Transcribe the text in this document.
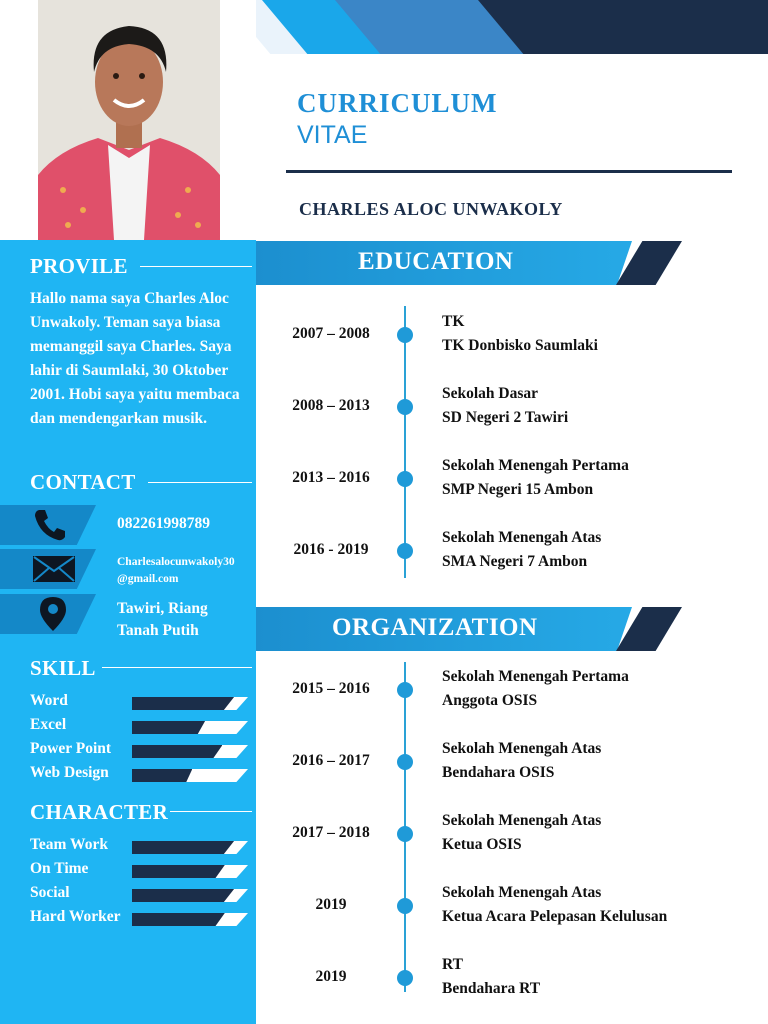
PROVILE
Hallo nama saya Charles Aloc Unwakoly. Teman saya biasa memanggil saya Charles. Saya lahir di Saumlaki, 30 Oktober 2001. Hobi saya yaitu membaca dan mendengarkan musik.
CONTACT
082261998789
Charlesalocunwakoly30
@gmail.com
Tawiri, Riang
Tanah Putih
SKILL
Word
Excel
Power Point
Web Design
CHARACTER
Team Work
On Time
Social
Hard Worker
CURRICULUM
VITAE
CHARLES ALOC UNWAKOLY
EDUCATION
2007 – 2008
TK
TK Donbisko Saumlaki
2008 – 2013
Sekolah Dasar
SD Negeri 2 Tawiri
2013 – 2016
Sekolah Menengah Pertama
SMP Negeri 15 Ambon
2016 - 2019
Sekolah Menengah Atas
SMA Negeri 7 Ambon
ORGANIZATION
2015 – 2016
Sekolah Menengah Pertama
Anggota OSIS
2016 – 2017
Sekolah Menengah Atas
Bendahara OSIS
2017 – 2018
Sekolah Menengah Atas
Ketua OSIS
2019
Sekolah Menengah Atas
Ketua Acara Pelepasan Kelulusan
2019
RT
Bendahara RT
